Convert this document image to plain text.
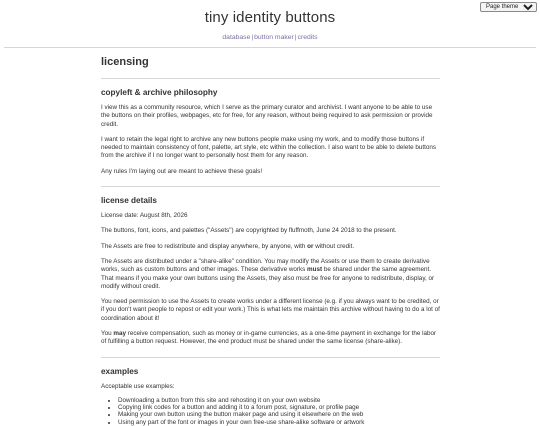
Page theme
tiny identity buttons
database|button maker|credits
licensing
copyleft & archive philosophy

I view this as a community resource, which I serve as the primary curator and archivist. I want anyone to be able to use the buttons on their profiles, webpages, etc for free, for any reason, without being required to ask permission or provide credit.

I want to retain the legal right to archive any new buttons people make using my work, and to modify those buttons if needed to maintain consistency of font, palette, art style, etc within the collection. I also want to be able to delete buttons from the archive if I no longer want to personally host them for any reason.

Any rules I'm laying out are meant to achieve these goals!

license details

License date: August 8th, 2026

The buttons, font, icons, and palettes ("Assets") are copyrighted by fluffmoth, June 24 2018 to the present.

The Assets are free to redistribute and display anywhere, by anyone, with or without credit.

The Assets are distributed under a "share-alike" condition. You may modify the Assets or use them to create derivative works, such as custom buttons and other images. These derivative works must be shared under the same agreement. That means if you make your own buttons using the Assets, they also must be free for anyone to redistribute, display, or modify without credit.

You need permission to use the Assets to create works under a different license (e.g. if you always want to be credited, or if you don't want people to repost or edit your work.) This is what lets me maintain this archive without having to do a lot of coordination about it!

You may receive compensation, such as money or in-game currencies, as a one-time payment in exchange for the labor of fulfilling a button request. However, the end product must be shared under the same license (share-alike).

examples

Acceptable use examples:

• Downloading a button from this site and rehosting it on your own website
• Copying link codes for a button and adding it to a forum post, signature, or profile page
• Making your own button using the button maker page and using it elsewhere on the web
• Using any part of the font or images in your own free-use share-alike software or artwork
